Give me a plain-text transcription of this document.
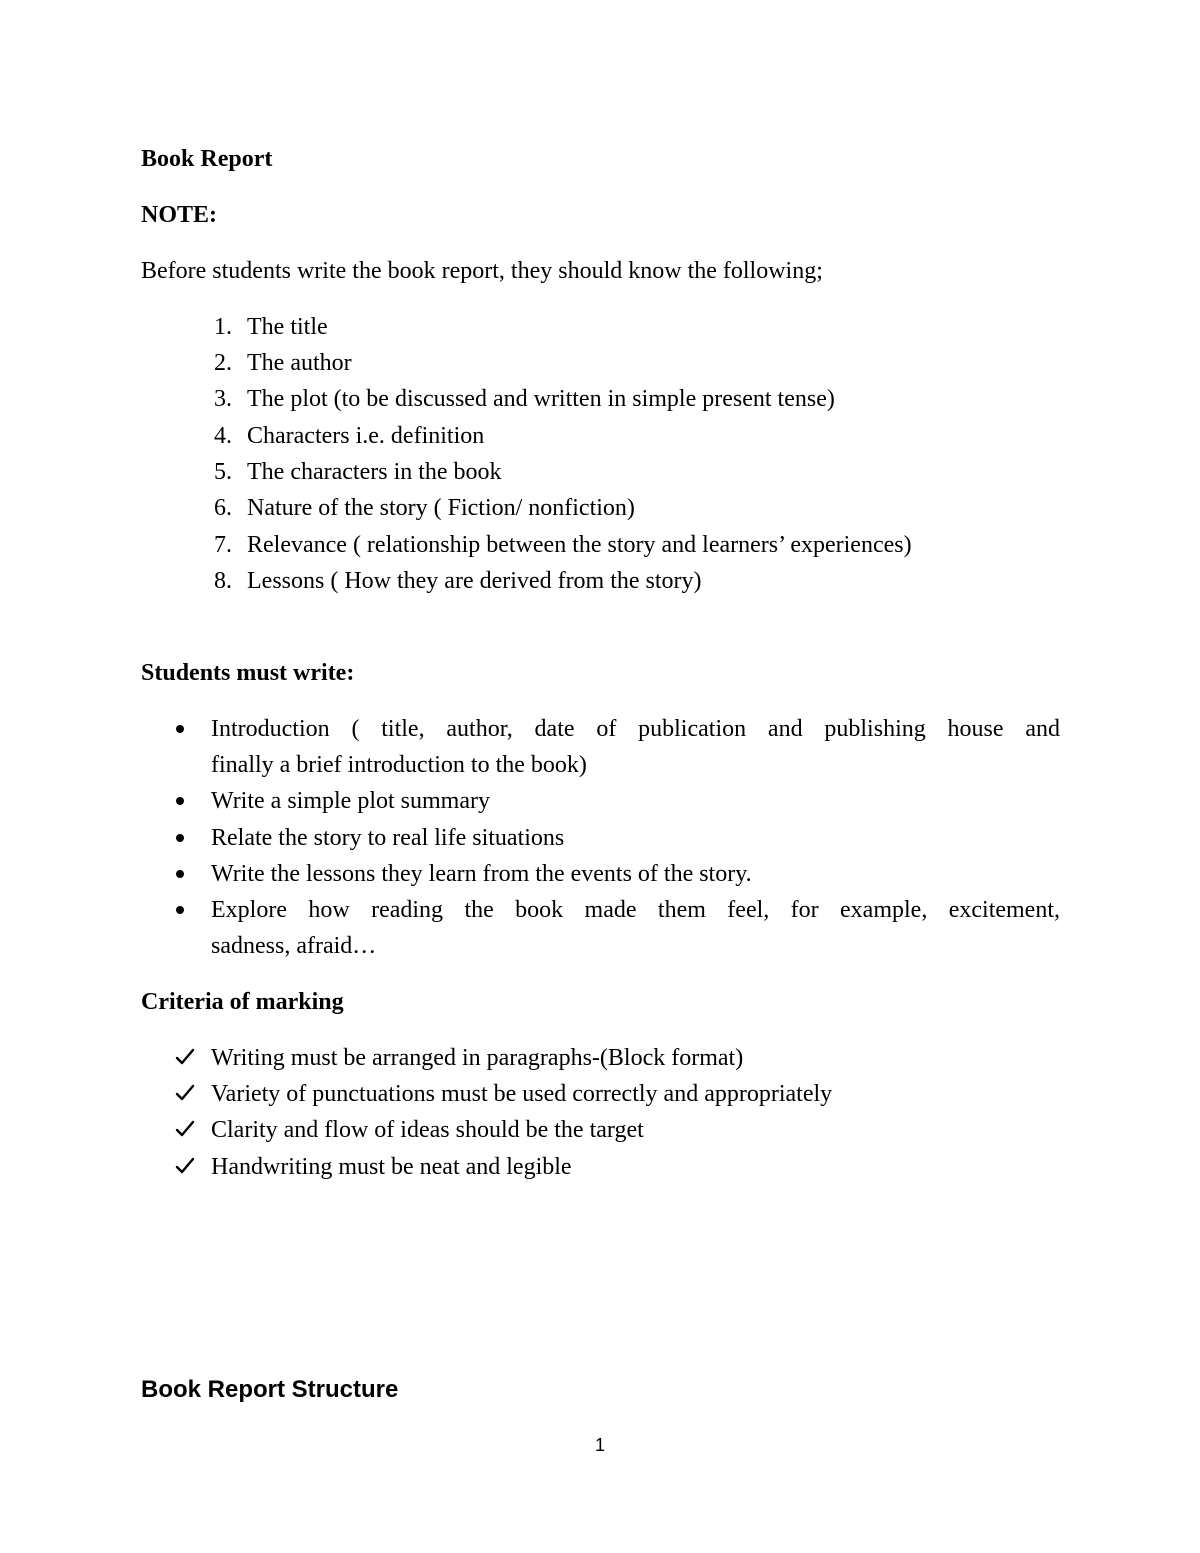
Book Report
NOTE:
Before students write the book report, they should know the following;
1. The title
2. The author
3. The plot (to be discussed and written in simple present tense)
4. Characters i.e. definition
5. The characters in the book
6. Nature of the story ( Fiction/ nonfiction)
7. Relevance ( relationship between the story and learners’ experiences)
8. Lessons ( How they are derived from the story)
Students must write:
Introduction ( title, author, date of publication and publishing house and
finally a brief introduction to the book)
Write a simple plot summary
Relate the story to real life situations
Write the lessons they learn from the events of the story.
Explore how reading the book made them feel, for example, excitement,
sadness, afraid…
Criteria of marking
Writing must be arranged in paragraphs-(Block format)
Variety of punctuations must be used correctly and appropriately
Clarity and flow of ideas should be the target
Handwriting must be neat and legible
Book Report Structure
1
